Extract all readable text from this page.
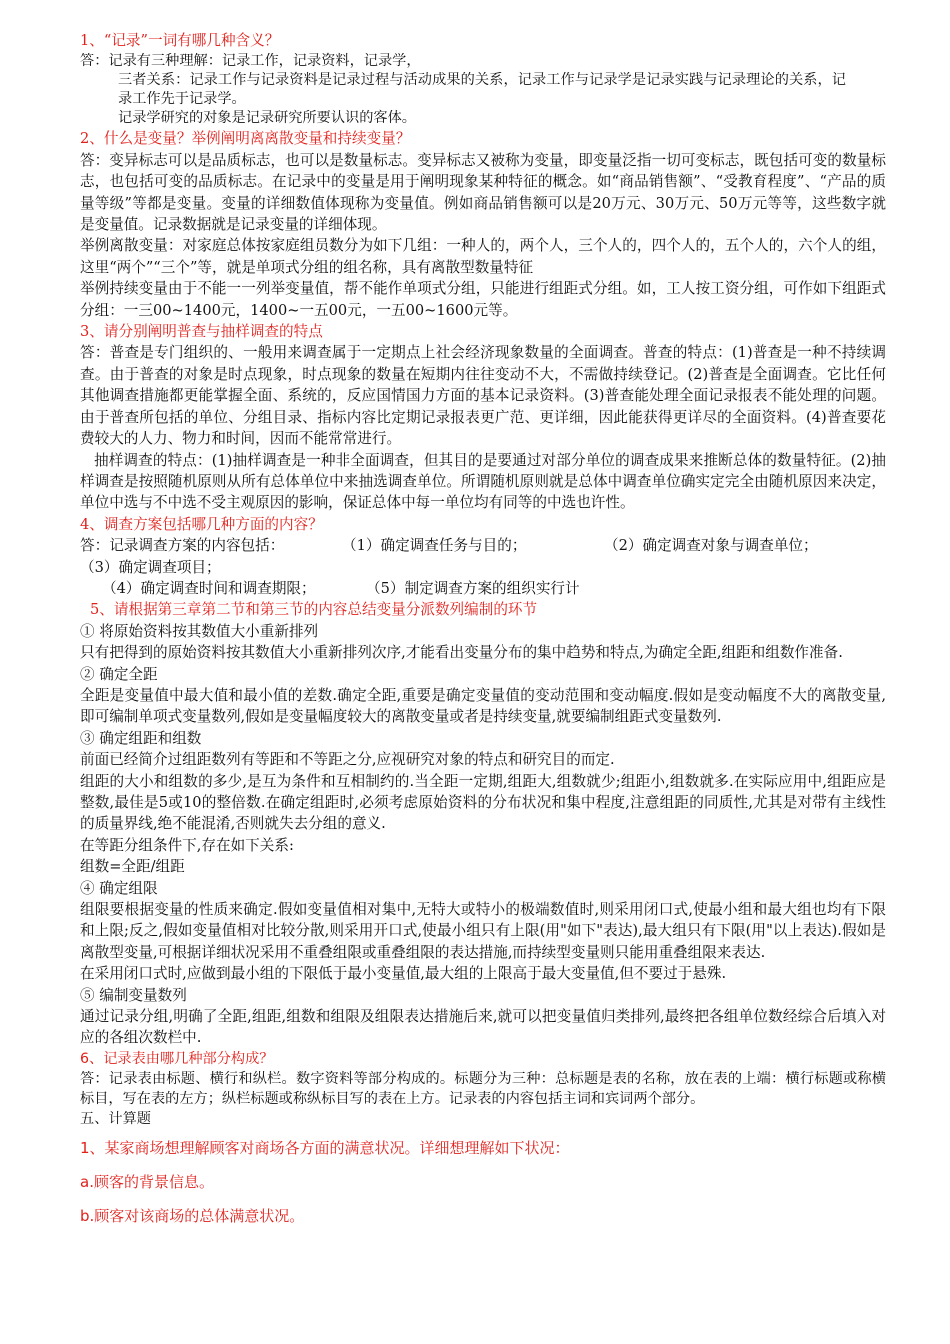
1、“记录”一词有哪几种含义？

答：记录有三种理解：记录工作，记录资料，记录学，

三者关系：记录工作与记录资料是记录过程与活动成果的关系，记录工作与记录学是记录实践与记录理论的关系，记录工作先于记录学。

记录学研究的对象是记录研究所要认识的客体。

2、什么是变量？举例阐明离离散变量和持续变量？

答：变异标志可以是品质标志，也可以是数量标志。变异标志又被称为变量，即变量泛指一切可变标志，既包括可变的数量标志，也包括可变的品质标志。在记录中的变量是用于阐明现象某种特征的概念。如“商品销售额”、“受教育程度”、“产品的质量等级”等都是变量。变量的详细数值体现称为变量值。例如商品销售额可以是20万元、30万元、50万元等等，这些数字就是变量值。记录数据就是记录变量的详细体现。

举例离散变量：对家庭总体按家庭组员数分为如下几组：一种人的，两个人，三个人的，四个人的，五个人的，六个人的组，这里“两个”“三个”等，就是单项式分组的组名称，具有离散型数量特征

举例持续变量由于不能一一列举变量值，帮不能作单项式分组，只能进行组距式分组。如，工人按工资分组，可作如下组距式分组：一三00~1400元，1400~一五00元，一五00~1600元等。

3、请分别阐明普查与抽样调查的特点

答：普查是专门组织的、一般用来调查属于一定期点上社会经济现象数量的全面调查。普查的特点：(1)普查是一种不持续调查。由于普查的对象是时点现象，时点现象的数量在短期内往往变动不大，不需做持续登记。(2)普查是全面调查。它比任何其他调查措施都更能掌握全面、系统的，反应国情国力方面的基本记录资料。(3)普查能处理全面记录报表不能处理的问题。由于普查所包括的单位、分组目录、指标内容比定期记录报表更广范、更详细，因此能获得更详尽的全面资料。(4)普查要花费较大的人力、物力和时间，因而不能常常进行。

抽样调查的特点：(1)抽样调查是一种非全面调查，但其目的是要通过对部分单位的调查成果来推断总体的数量特征。(2)抽样调查是按照随机原则从所有总体单位中来抽选调查单位。所谓随机原则就是总体中调查单位确实定完全由随机原因来决定，单位中选与不中选不受主观原因的影响，保证总体中每一单位均有同等的中选也许性。

4、调查方案包括哪几种方面的内容？

答：记录调查方案的内容包括：	（1）确定调查任务与目的；	（2）确定调查对象与调查单位；

（3）确定调查项目；

（4）确定调查时间和调查期限；	（5）制定调查方案的组织实行计

5、请根据第三章第二节和第三节的内容总结变量分派数列编制的环节

① 将原始资料按其数值大小重新排列

只有把得到的原始资料按其数值大小重新排列次序,才能看出变量分布的集中趋势和特点,为确定全距,组距和组数作准备.

② 确定全距

全距是变量值中最大值和最小值的差数.确定全距,重要是确定变量值的变动范围和变动幅度.假如是变动幅度不大的离散变量,即可编制单项式变量数列,假如是变量幅度较大的离散变量或者是持续变量,就要编制组距式变量数列.

③ 确定组距和组数

前面已经简介过组距数列有等距和不等距之分,应视研究对象的特点和研究目的而定.

组距的大小和组数的多少,是互为条件和互相制约的.当全距一定期,组距大,组数就少;组距小,组数就多.在实际应用中,组距应是整数,最佳是5或10的整倍数.在确定组距时,必须考虑原始资料的分布状况和集中程度,注意组距的同质性,尤其是对带有主线性的质量界线,绝不能混淆,否则就失去分组的意义.

在等距分组条件下,存在如下关系:

组数=全距/组距

④ 确定组限

组限要根据变量的性质来确定.假如变量值相对集中,无特大或特小的极端数值时,则采用闭口式,使最小组和最大组也均有下限和上限;反之,假如变量值相对比较分散,则采用开口式,使最小组只有上限(用"如下"表达),最大组只有下限(用"以上表达).假如是离散型变量,可根据详细状况采用不重叠组限或重叠组限的表达措施,而持续型变量则只能用重叠组限来表达.

在采用闭口式时,应做到最小组的下限低于最小变量值,最大组的上限高于最大变量值,但不要过于悬殊.

⑤ 编制变量数列

通过记录分组,明确了全距,组距,组数和组限及组限表达措施后来,就可以把变量值归类排列,最终把各组单位数经综合后填入对应的各组次数栏中.

6、记录表由哪几种部分构成？

答：记录表由标题、横行和纵栏。数字资料等部分构成的。标题分为三种：总标题是表的名称，放在表的上端：横行标题或称横标目，写在表的左方；纵栏标题或称纵标目写的表在上方。记录表的内容包括主词和宾词两个部分。

五、计算题

1、某家商场想理解顾客对商场各方面的满意状况。详细想理解如下状况：

a.顾客的背景信息。

b.顾客对该商场的总体满意状况。
